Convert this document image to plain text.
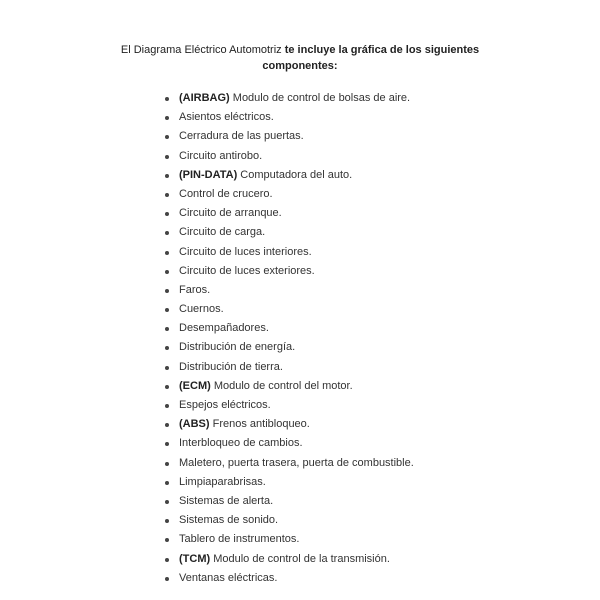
El Diagrama Eléctrico Automotriz te incluye la gráfica de los siguientes
componentes:
(AIRBAG) Modulo de control de bolsas de aire.
Asientos eléctricos.
Cerradura de las puertas.
Circuito antirobo.
(PIN-DATA) Computadora del auto.
Control de crucero.
Circuito de arranque.
Circuito de carga.
Circuito de luces interiores.
Circuito de luces exteriores.
Faros.
Cuernos.
Desempañadores.
Distribución de energía.
Distribución de tierra.
(ECM) Modulo de control del motor.
Espejos eléctricos.
(ABS) Frenos antibloqueo.
Interbloqueo de cambios.
Maletero, puerta trasera, puerta de combustible.
Limpiaparabrisas.
Sistemas de alerta.
Sistemas de sonido.
Tablero de instrumentos.
(TCM) Modulo de control de la transmisión.
Ventanas eléctricas.
